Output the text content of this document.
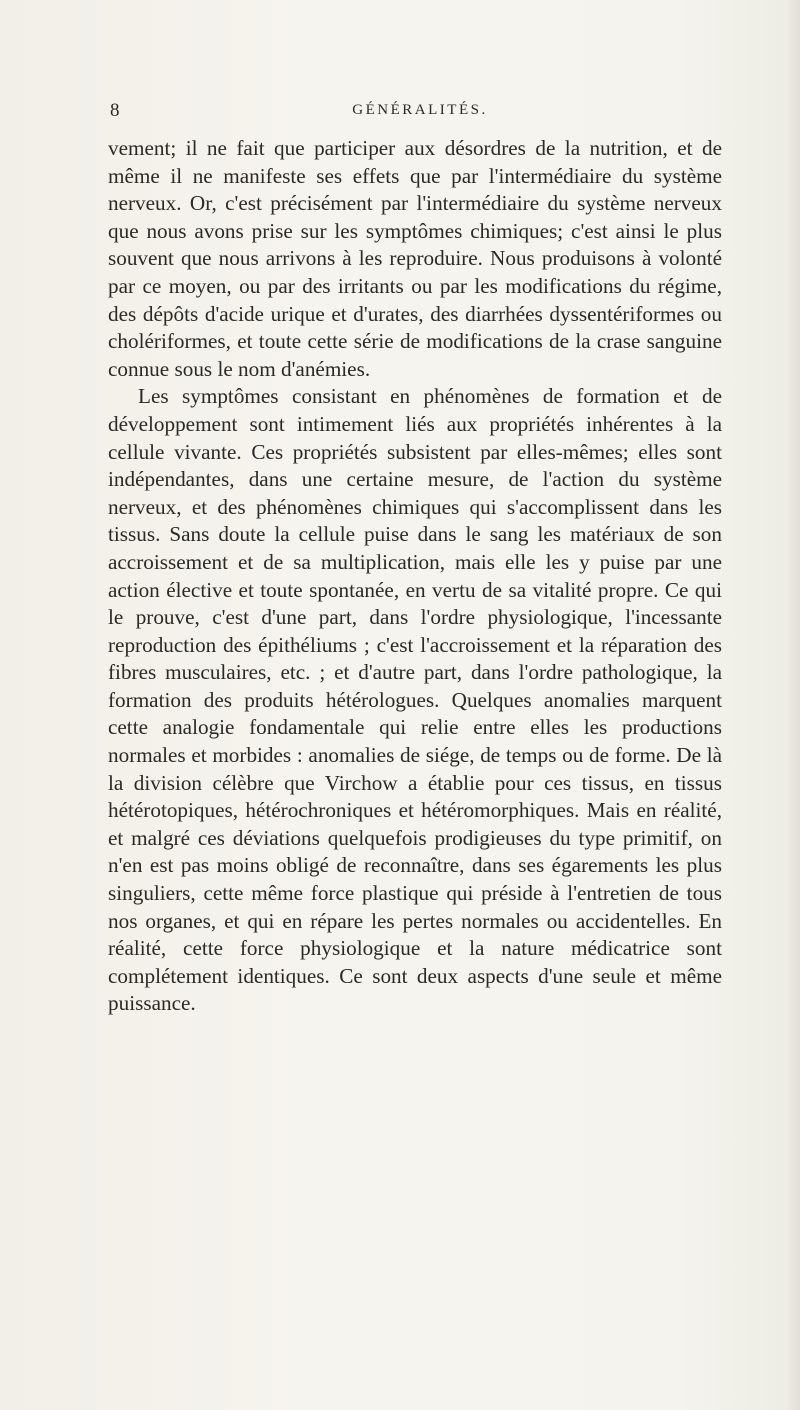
8	GÉNÉRALITÉS.

vement; il ne fait que participer aux désordres de la nutrition, et de même il ne manifeste ses effets que par l'intermédiaire du système nerveux. Or, c'est précisément par l'intermédiaire du système nerveux que nous avons prise sur les symptômes chimiques; c'est ainsi le plus souvent que nous arrivons à les reproduire. Nous produisons à volonté par ce moyen, ou par des irritants ou par les modifications du régime, des dépôts d'acide urique et d'urates, des diarrhées dyssentériformes ou cholériformes, et toute cette série de modifications de la crase sanguine connue sous le nom d'anémies.

Les symptômes consistant en phénomènes de formation et de développement sont intimement liés aux propriétés inhérentes à la cellule vivante. Ces propriétés subsistent par elles-mêmes; elles sont indépendantes, dans une certaine mesure, de l'action du système nerveux, et des phénomènes chimiques qui s'accomplissent dans les tissus. Sans doute la cellule puise dans le sang les matériaux de son accroissement et de sa multiplication, mais elle les y puise par une action élective et toute spontanée, en vertu de sa vitalité propre. Ce qui le prouve, c'est d'une part, dans l'ordre physiologique, l'incessante reproduction des épithéliums ; c'est l'accroissement et la réparation des fibres musculaires, etc. ; et d'autre part, dans l'ordre pathologique, la formation des produits hétérologues. Quelques anomalies marquent cette analogie fondamentale qui relie entre elles les productions normales et morbides : anomalies de siége, de temps ou de forme. De là la division célèbre que Virchow a établie pour ces tissus, en tissus hétérotopiques, hétérochroniques et hétéromorphiques. Mais en réalité, et malgré ces déviations quelquefois prodigieuses du type primitif, on n'en est pas moins obligé de reconnaître, dans ses égarements les plus singuliers, cette même force plastique qui préside à l'entretien de tous nos organes, et qui en répare les pertes normales ou accidentelles. En réalité, cette force physiologique et la nature médicatrice sont complétement identiques. Ce sont deux aspects d'une seule et même puissance.
